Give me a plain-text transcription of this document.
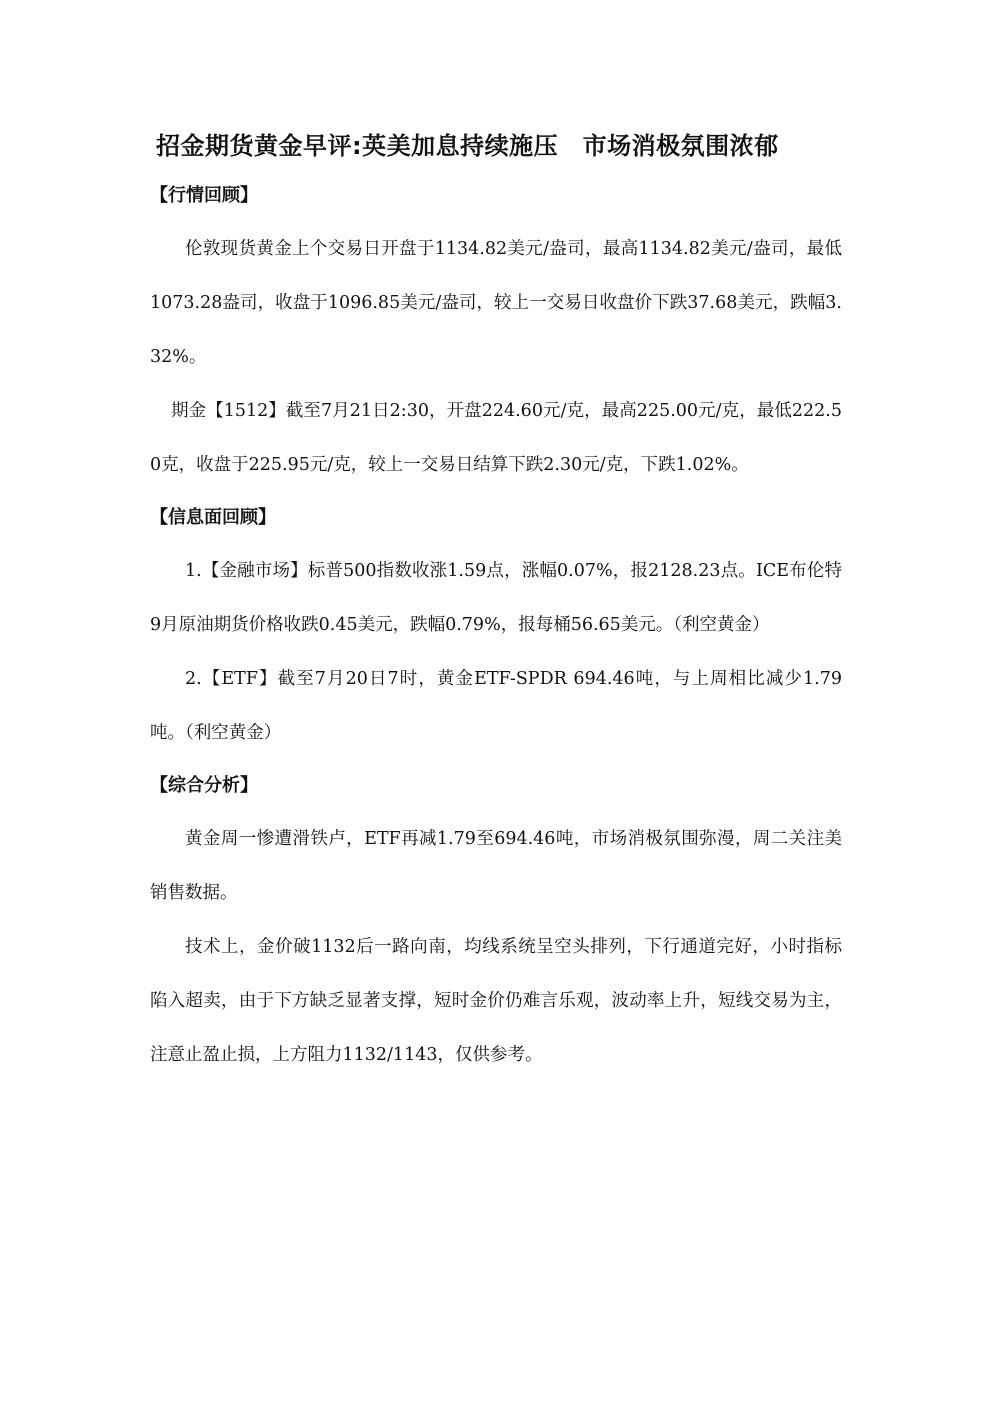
招金期货黄金早评:英美加息持续施压　市场消极氛围浓郁
【行情回顾】

伦敦现货黄金上个交易日开盘于1134.82美元/盎司，最高1134.82美元/盎司，最低1073.28盎司，收盘于1096.85美元/盎司，较上一交易日收盘价下跌37.68美元，跌幅3.32%。

期金【1512】截至7月21日2:30，开盘224.60元/克，最高225.00元/克，最低222.50克，收盘于225.95元/克，较上一交易日结算下跌2.30元/克，下跌1.02%。

【信息面回顾】

1.【金融市场】标普500指数收涨1.59点，涨幅0.07%，报2128.23点。ICE布伦特9月原油期货价格收跌0.45美元，跌幅0.79%，报每桶56.65美元。（利空黄金）

2.【ETF】截至7月20日7时，黄金ETF-SPDR 694.46吨，与上周相比减少1.79吨。（利空黄金）

【综合分析】

黄金周一惨遭滑铁卢，ETF再减1.79至694.46吨，市场消极氛围弥漫，周二关注美销售数据。

技术上，金价破1132后一路向南，均线系统呈空头排列，下行通道完好，小时指标陷入超卖，由于下方缺乏显著支撑，短时金价仍难言乐观，波动率上升，短线交易为主，注意止盈止损，上方阻力1132/1143，仅供参考。
